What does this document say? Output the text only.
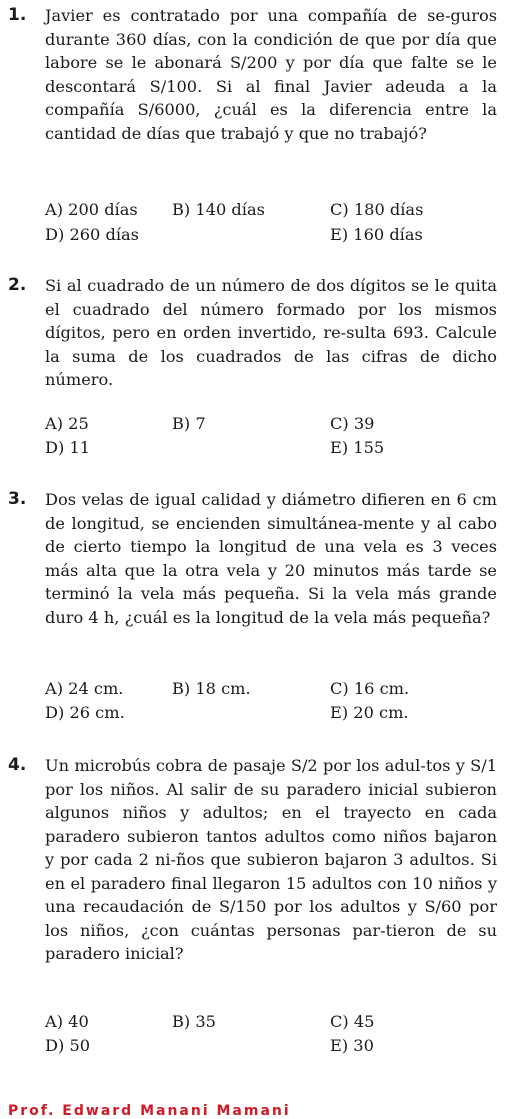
1. Javier es contratado por una compañía de se-guros durante 360 días, con la condición de que por día que labore se le abonará S/200 y por día que falte se le descontará S/100. Si al final Javier adeuda a la compañía S/6000, ¿cuál es la diferencia entre la cantidad de días que trabajó y que no trabajó?

A) 200 días B) 140 días	C) 180 días
D) 260 días	E) 160 días
2. Si al cuadrado de un número de dos dígitos se le quita el cuadrado del número formado por los mismos dígitos, pero en orden invertido, re-sulta 693. Calcule la suma de los cuadrados de las cifras de dicho número.

A) 25	B) 7	C) 39
D) 11	E) 155
3. Dos velas de igual calidad y diámetro difieren en 6 cm de longitud, se encienden simultánea-mente y al cabo de cierto tiempo la longitud de una vela es 3 veces más alta que la otra vela y 20 minutos más tarde se terminó la vela más pequeña. Si la vela más grande duro 4 h, ¿cuál es la longitud de la vela más pequeña?

A) 24 cm.	B) 18 cm.	C) 16 cm.
D) 26 cm.	E) 20 cm.
4. Un microbús cobra de pasaje S/2 por los adul-tos y S/1 por los niños. Al salir de su paradero inicial subieron algunos niños y adultos; en el trayecto en cada paradero subieron tantos adultos como niños bajaron y por cada 2 ni-ños que subieron bajaron 3 adultos. Si en el paradero final llegaron 15 adultos con 10 niños y una recaudación de S/150 por los adultos y S/60 por los niños, ¿con cuántas personas par-tieron de su paradero inicial?

A) 40	B) 35	C) 45
D) 50	E) 30
Prof. Edward Manani Mamani
